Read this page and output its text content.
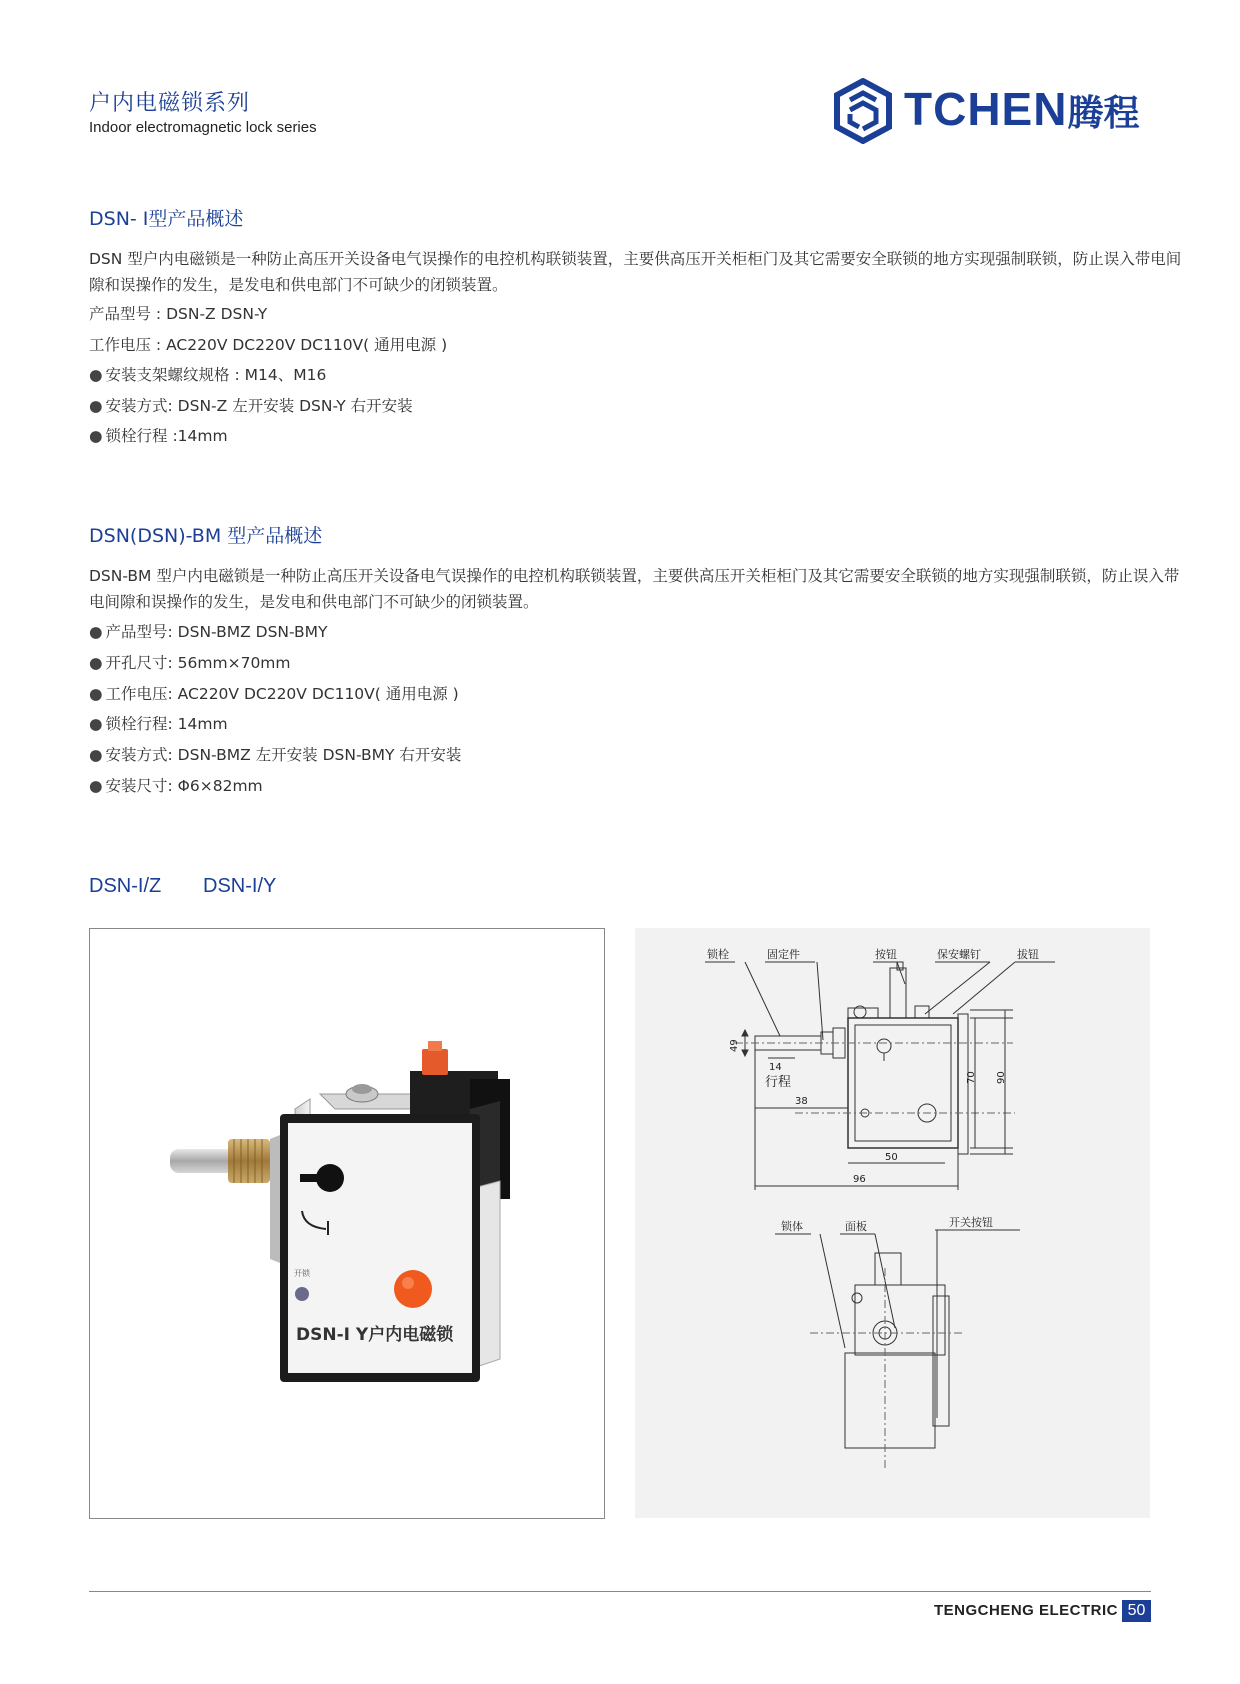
户内电磁锁系列
Indoor electromagnetic lock series	TCHEN腾程
DSN- Ⅰ型产品概述
DSN 型户内电磁锁是一种防止高压开关设备电气误操作的电控机构联锁装置，主要供高压开关柜柜门及其它需要安全联锁的地方实现强制联锁，防止误入带电间隙和误操作的发生，是发电和供电部门不可缺少的闭锁装置。
产品型号 : DSN-Z DSN-Y
工作电压 : AC220V DC220V DC110V( 通用电源 )
● 安装支架螺纹规格 : M14、M16
● 安装方式: DSN-Z 左开安装 DSN-Y 右开安装
● 锁栓行程 :14mm
DSN(DSN)-BM 型产品概述
DSN-BM 型户内电磁锁是一种防止高压开关设备电气误操作的电控机构联锁装置，主要供高压开关柜柜门及其它需要安全联锁的地方实现强制联锁，防止误入带电间隙和误操作的发生，是发电和供电部门不可缺少的闭锁装置。
● 产品型号: DSN-BMZ DSN-BMY
● 开孔尺寸: 56mm×70mm
● 工作电压: AC220V DC220V DC110V( 通用电源 )
● 锁栓行程: 14mm
● 安装方式: DSN-BMZ 左开安装 DSN-BMY 右开安装
● 安装尺寸: Φ6×82mm
DSN-I/Z DSN-I/Y
开锁
DSN-Ⅰ Y户内电磁锁
锁栓	固定件	按钮	保安螺钉	拔钮
49
14
行程
38
70 90
50
96
锁体	面板	开关按钮
TENGCHENG ELECTRIC 50
